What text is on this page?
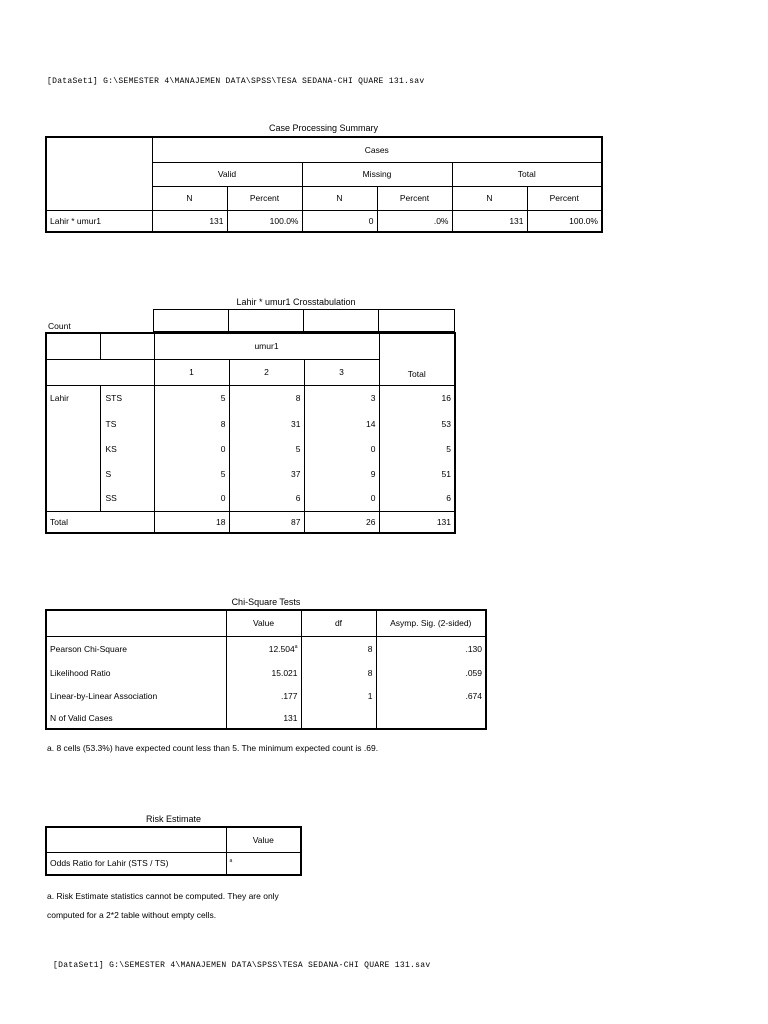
[DataSet1] G:\SEMESTER 4\MANAJEMEN DATA\SPSS\TESA SEDANA-CHI QUARE 131.sav
Case Processing Summary
	Cases					
	Valid		Missing		Total	
	N	Percent	N	Percent	N	Percent
Lahir * umur1	131	100.0%	0	.0%	131	100.0%
Lahir * umur1 Crosstabulation
Count

		umur1			Total
		1	2	3	
Lahir	STS	5	8	3	16
	TS	8	31	14	53
	KS	0	5	0	5
	S	5	37	9	51
	SS	0	6	0	6
Total		18	87	26	131
Chi-Square Tests
	Value	df	Asymp. Sig. (2-sided)
Pearson Chi-Square	12.504$^a$	8	.130
Likelihood Ratio	15.021	8	.059
Linear-by-Linear Association	.177	1	.674
N of Valid Cases	131		
a. 8 cells (53.3%) have expected count less than 5. The minimum expected count is .69.
Risk Estimate
	Value
Odds Ratio for Lahir (STS / TS)	$^a$
a. Risk Estimate statistics cannot be computed. They are only
computed for a 2*2 table without empty cells.
[DataSet1] G:\SEMESTER 4\MANAJEMEN DATA\SPSS\TESA SEDANA-CHI QUARE 131.sav
